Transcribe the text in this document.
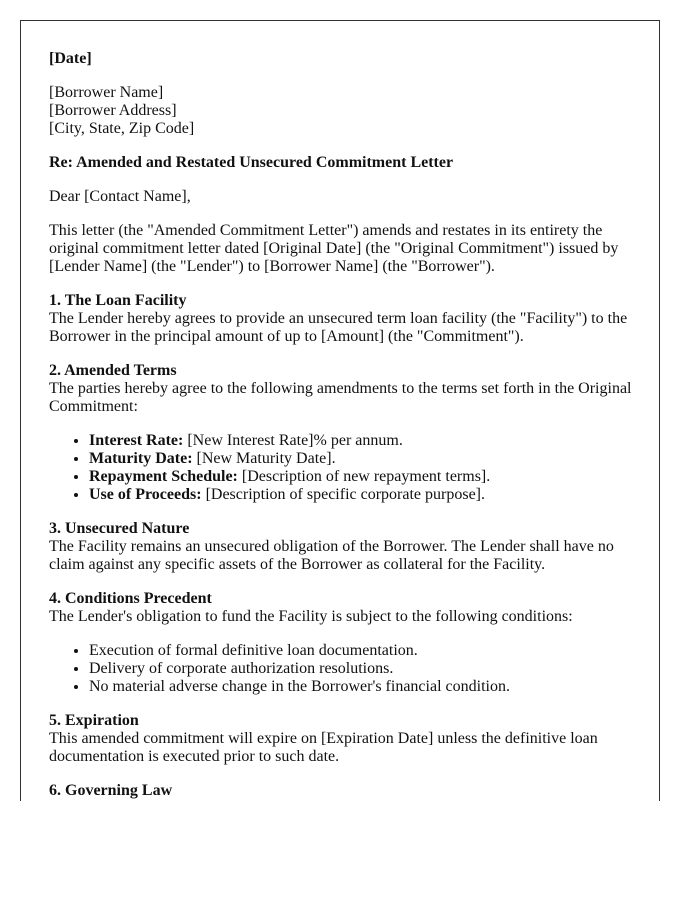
[Date]

[Borrower Name]
[Borrower Address]
[City, State, Zip Code]

Re: Amended and Restated Unsecured Commitment Letter

Dear [Contact Name],

This letter (the "Amended Commitment Letter") amends and restates in its entirety the original commitment letter dated [Original Date] (the "Original Commitment") issued by [Lender Name] (the "Lender") to [Borrower Name] (the "Borrower").

1. The Loan Facility

The Lender hereby agrees to provide an unsecured term loan facility (the "Facility") to the Borrower in the principal amount of up to [Amount] (the "Commitment").

2. Amended Terms

The parties hereby agree to the following amendments to the terms set forth in the Original Commitment:

• Interest Rate: [New Interest Rate]% per annum.
• Maturity Date: [New Maturity Date].
• Repayment Schedule: [Description of new repayment terms].
• Use of Proceeds: [Description of specific corporate purpose].
3. Unsecured Nature

The Facility remains an unsecured obligation of the Borrower. The Lender shall have no claim against any specific assets of the Borrower as collateral for the Facility.

4. Conditions Precedent

The Lender's obligation to fund the Facility is subject to the following conditions:

• Execution of formal definitive loan documentation.
• Delivery of corporate authorization resolutions.
• No material adverse change in the Borrower's financial condition.
5. Expiration

This amended commitment will expire on [Expiration Date] unless the definitive loan documentation is executed prior to such date.

6. Governing Law
